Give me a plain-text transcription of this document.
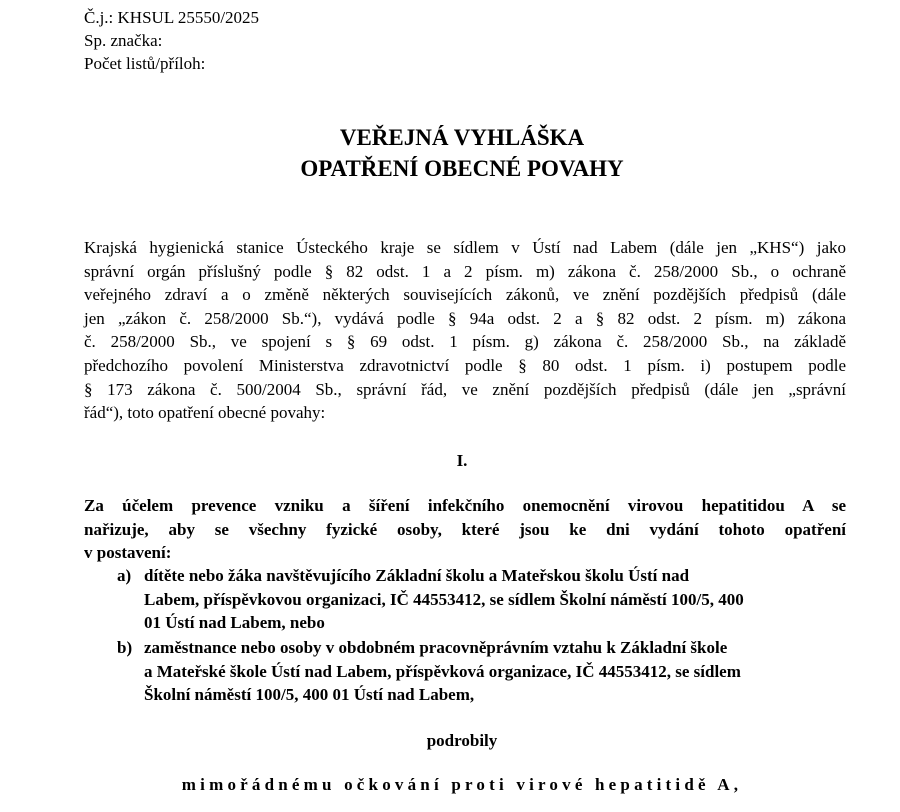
Č.j.: KHSUL 25550/2025
Sp. značka:
Počet listů/příloh:
VEŘEJNÁ VYHLÁŠKA
OPATŘENÍ OBECNÉ POVAHY
Krajská hygienická stanice Ústeckého kraje se sídlem v Ústí nad Labem (dále jen „KHS“) jako
správní orgán příslušný podle § 82 odst. 1 a 2 písm. m) zákona č. 258/2000 Sb., o ochraně
veřejného zdraví a o změně některých souvisejících zákonů, ve znění pozdějších předpisů (dále
jen „zákon č. 258/2000 Sb.“), vydává podle § 94a odst. 2 a § 82 odst. 2 písm. m) zákona
č. 258/2000 Sb., ve spojení s § 69 odst. 1 písm. g) zákona č. 258/2000 Sb., na základě
předchozího povolení Ministerstva zdravotnictví podle § 80 odst. 1 písm. i) postupem podle
§ 173 zákona č. 500/2004 Sb., správní řád, ve znění pozdějších předpisů (dále jen „správní
řád“), toto opatření obecné povahy:
I.
Za účelem prevence vzniku a šíření infekčního onemocnění virovou hepatitidou A se
nařizuje, aby se všechny fyzické osoby, které jsou ke dni vydání tohoto opatření
v postavení:
a) dítěte nebo žáka navštěvujícího Základní školu a Mateřskou školu Ústí nad
Labem, příspěvkovou organizaci, IČ 44553412, se sídlem Školní náměstí 100/5, 400
01 Ústí nad Labem, nebo
b) zaměstnance nebo osoby v obdobném pracovněprávním vztahu k Základní škole
a Mateřské škole Ústí nad Labem, příspěvková organizace, IČ 44553412, se sídlem
Školní náměstí 100/5, 400 01 Ústí nad Labem,
podrobily
mimořádnému očkování proti virové hepatitidě A,
